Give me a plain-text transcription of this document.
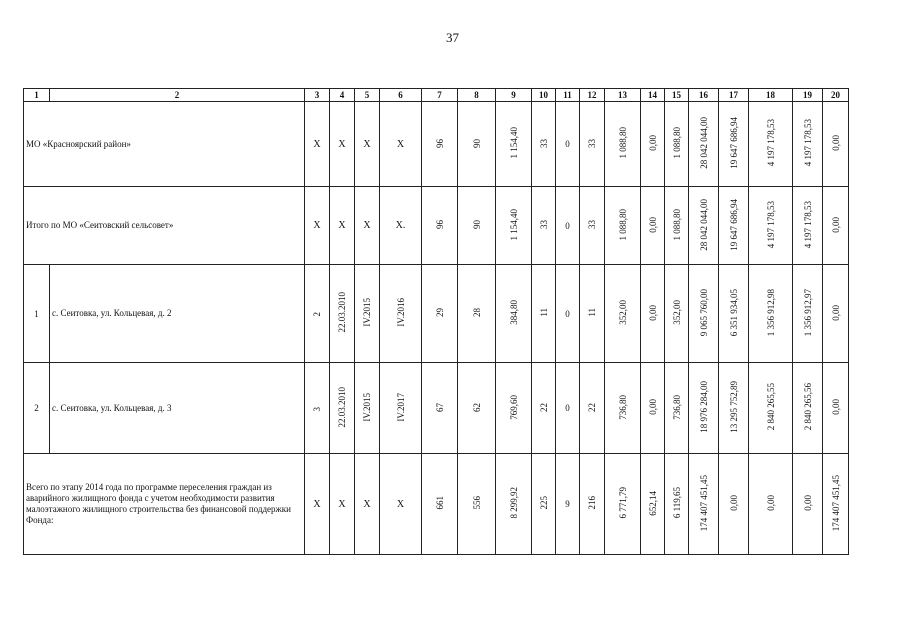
37
1	2	3	4	5	6	7	8	9	10	11	12	13	14	15	16	17	18	19	20
МО «Красноярский район»		X	X	X	X	96	90	1 154,40	33	0	33	1 088,80	0,00	1 088,80	28 042 044,00	19 647 686,94	4 197 178,53	4 197 178,53	0,00
Итого по МО «Сеитовский сельсовет»		X	X	X	X.	96	90	1 154,40	33	0	33	1 088,80	0,00	1 088,80	28 042 044,00	19 647 686,94	4 197 178,53	4 197 178,53	0,00
1	с. Сеитовка, ул. Кольцевая, д. 2	2	22.03.2010	IV.2015	IV.2016	29	28	384,80	11	0	11	352,00	0,00	352,00	9 065 760,00	6 351 934,05	1 356 912,98	1 356 912,97	0,00
2	с. Сеитовка, ул. Кольцевая, д. 3	3	22.03.2010	IV.2015	IV.2017	67	62	769,60	22	0	22	736,80	0,00	736,80	18 976 284,00	13 295 752,89	2 840 265,55	2 840 265,56	0,00
Всего по этапу 2014 года по программе переселения граждан из аварийного жилищного фонда с учетом необходимости развития малоэтажного жилищного строительства без финансовой поддержки Фонда:		X	X	X	X	661	556	8 299,92	225	9	216	6 771,79	652,14	6 119,65	174 407 451,45	0,00	0,00	0,00	174 407 451,45
